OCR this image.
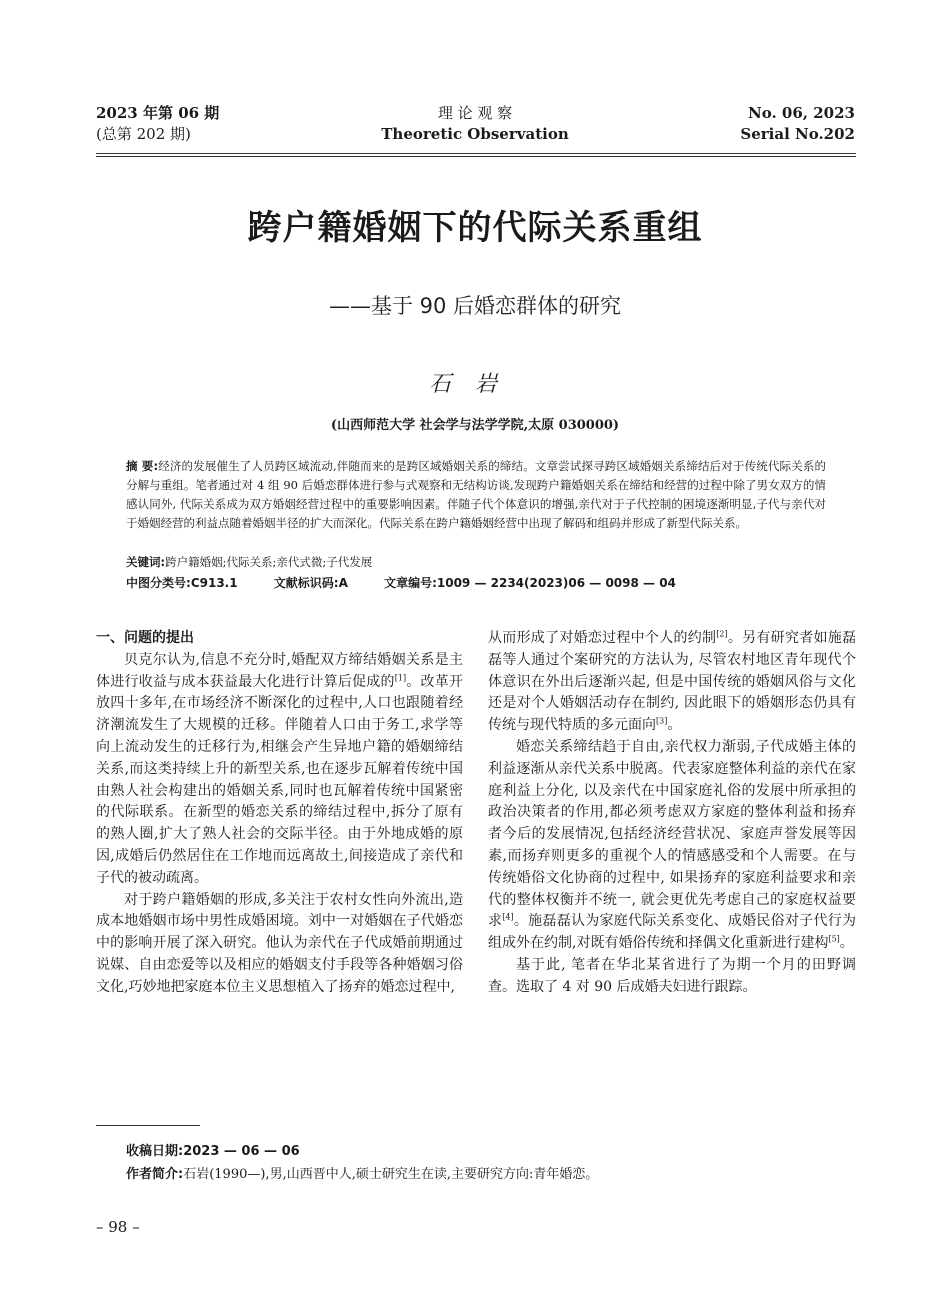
2023 年第 06 期
(总第 202 期)
理 论 观 察
Theoretic Observation
No. 06, 2023
Serial No.202
跨户籍婚姻下的代际关系重组
——基于 90 后婚恋群体的研究
石岩
(山西师范大学 社会学与法学学院,太原 030000)
摘 要:经济的发展催生了人员跨区域流动,伴随而来的是跨区域婚姻关系的缔结。文章尝试探寻跨区域婚姻关系缔结后对于传统代际关系的分解与重组。笔者通过对 4 组 90 后婚恋群体进行参与式观察和无结构访谈,发现跨户籍婚姻关系在缔结和经营的过程中除了男女双方的情感认同外, 代际关系成为双方婚姻经营过程中的重要影响因素。伴随子代个体意识的增强,亲代对于子代控制的困境逐渐明显,子代与亲代对于婚姻经营的利益点随着婚姻半径的扩大而深化。代际关系在跨户籍婚姻经营中出现了解码和组码并形成了新型代际关系。
关键词:跨户籍婚姻;代际关系;亲代式微;子代发展
中图分类号:C913.1	文献标识码:A	文章编号:1009 — 2234(2023)06 — 0098 — 04
一、问题的提出

贝克尔认为,信息不充分时,婚配双方缔结婚姻关系是主体进行收益与成本获益最大化进行计算后促成的[1]。改革开放四十多年,在市场经济不断深化的过程中,人口也跟随着经济潮流发生了大规模的迁移。伴随着人口由于务工,求学等向上流动发生的迁移行为,相继会产生异地户籍的婚姻缔结关系,而这类持续上升的新型关系,也在逐步瓦解着传统中国由熟人社会构建出的婚姻关系,同时也瓦解着传统中国紧密的代际联系。在新型的婚恋关系的缔结过程中,拆分了原有的熟人圈,扩大了熟人社会的交际半径。由于外地成婚的原因,成婚后仍然居住在工作地而远离故土,间接造成了亲代和子代的被动疏离。

对于跨户籍婚姻的形成,多关注于农村女性向外流出,造成本地婚姻市场中男性成婚困境。刘中一对婚姻在子代婚恋中的影响开展了深入研究。他认为亲代在子代成婚前期通过说媒、自由恋爱等以及相应的婚姻支付手段等各种婚姻习俗文化,巧妙地把家庭本位主义思想植入了扬弃的婚恋过程中,

从而形成了对婚恋过程中个人的约制[2]。另有研究者如施磊磊等人通过个案研究的方法认为, 尽管农村地区青年现代个体意识在外出后逐渐兴起, 但是中国传统的婚姻风俗与文化还是对个人婚姻活动存在制约, 因此眼下的婚姻形态仍具有传统与现代特质的多元面向[3]。

婚恋关系缔结趋于自由,亲代权力渐弱,子代成婚主体的利益逐渐从亲代关系中脱离。代表家庭整体利益的亲代在家庭利益上分化, 以及亲代在中国家庭礼俗的发展中所承担的政治决策者的作用,都必须考虑双方家庭的整体利益和扬弃者今后的发展情况,包括经济经营状况、家庭声誉发展等因素,而扬弃则更多的重视个人的情感感受和个人需要。在与传统婚俗文化协商的过程中, 如果扬弃的家庭利益要求和亲代的整体权衡并不统一, 就会更优先考虑自己的家庭权益要求[4]。施磊磊认为家庭代际关系变化、成婚民俗对子代行为组成外在约制,对既有婚俗传统和择偶文化重新进行建构[5]。

基于此, 笔者在华北某省进行了为期一个月的田野调查。选取了 4 对 90 后成婚夫妇进行跟踪。

收稿日期:2023 — 06 — 06
作者简介:石岩(1990—),男,山西晋中人,硕士研究生在读,主要研究方向:青年婚恋。
– 98 –
